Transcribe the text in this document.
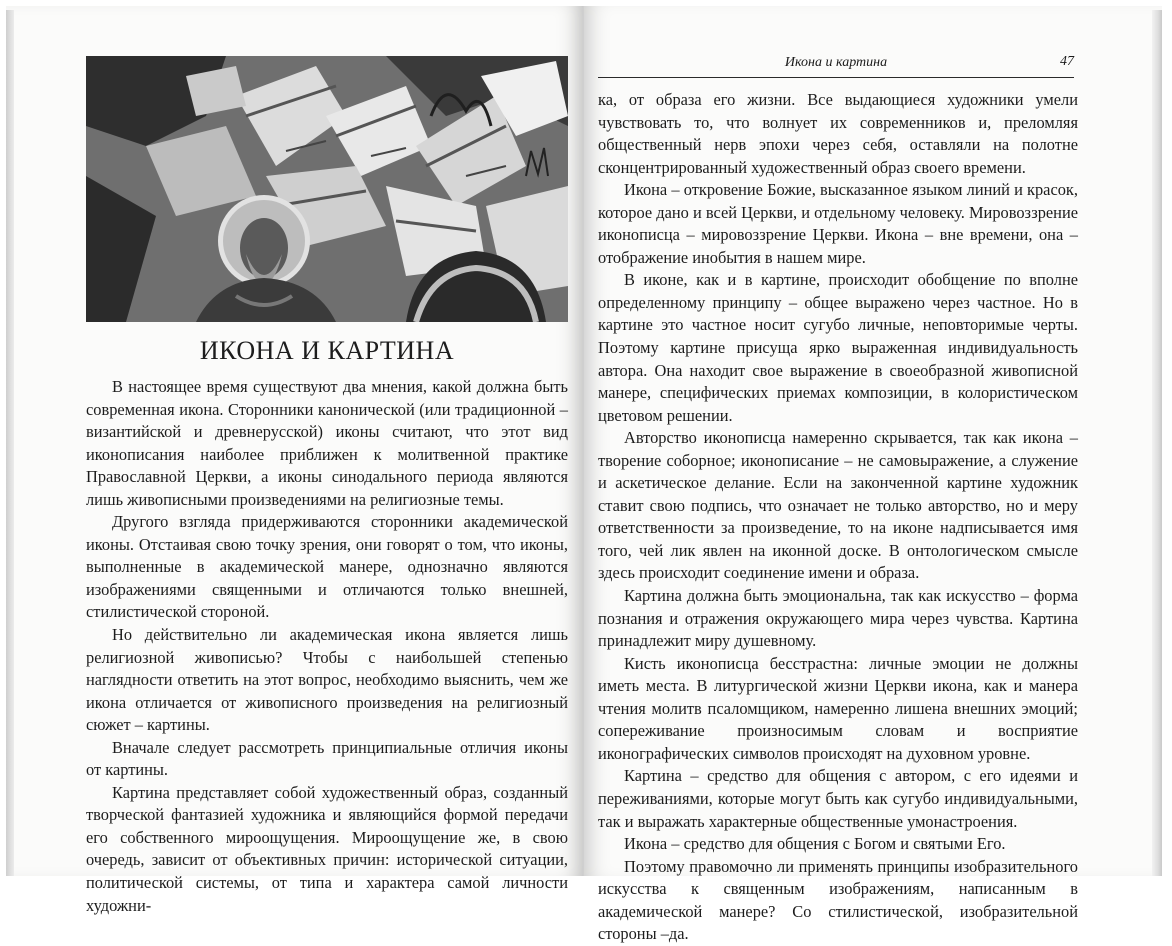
ИКОНА И КАРТИНА

В настоящее время существуют два мнения, какой должна быть современная икона. Сторонники канонической (или традиционной – византийской и древнерусской) иконы считают, что этот вид иконописания наиболее приближен к молитвенной практике Православной Церкви, а иконы синодального периода являются лишь живописными произведениями на религиозные темы.

Другого взгляда придерживаются сторонники академической иконы. Отстаивая свою точку зрения, они говорят о том, что иконы, выполненные в академической манере, однозначно являются изображениями священными и отличаются только внешней, стилистической стороной.

Но действительно ли академическая икона является лишь религиозной живописью? Чтобы с наибольшей степенью наглядности ответить на этот вопрос, необходимо выяснить, чем же икона отличается от живописного произведения на религиозный сюжет – картины.

Вначале следует рассмотреть принципиальные отличия иконы от картины.

Картина представляет собой художественный образ, созданный творческой фантазией художника и являющийся формой передачи его собственного мироощущения. Мироощущение же, в свою очередь, зависит от объективных причин: исторической ситуации, политической системы, от типа и характера самой личности художни-

Икона и картина	47

ка, от образа его жизни. Все выдающиеся художники умели чувствовать то, что волнует их современников и, преломляя общественный нерв эпохи через себя, оставляли на полотне сконцентрированный художественный образ своего времени.

Икона – откровение Божие, высказанное языком линий и красок, которое дано и всей Церкви, и отдельному человеку. Мировоззрение иконописца – мировоззрение Церкви. Икона – вне времени, она – отображение инобытия в нашем мире.

В иконе, как и в картине, происходит обобщение по вполне определенному принципу – общее выражено через частное. Но в картине это частное носит сугубо личные, неповторимые черты. Поэтому картине присуща ярко выраженная индивидуальность автора. Она находит свое выражение в своеобразной живописной манере, специфических приемах композиции, в колористическом цветовом решении.

Авторство иконописца намеренно скрывается, так как икона – творение соборное; иконописание – не самовыражение, а служение и аскетическое делание. Если на законченной картине художник ставит свою подпись, что означает не только авторство, но и меру ответственности за произведение, то на иконе надписывается имя того, чей лик явлен на иконной доске. В онтологическом смысле здесь происходит соединение имени и образа.

Картина должна быть эмоциональна, так как искусство – форма познания и отражения окружающего мира через чувства. Картина принадлежит миру душевному.

Кисть иконописца бесстрастна: личные эмоции не должны иметь места. В литургической жизни Церкви икона, как и манера чтения молитв псаломщиком, намеренно лишена внешних эмоций; сопереживание произносимым словам и восприятие иконографических символов происходят на духовном уровне.

Картина – средство для общения с автором, с его идеями и переживаниями, которые могут быть как сугубо индивидуальными, так и выражать характерные общественные умонастроения.

Икона – средство для общения с Богом и святыми Его.

Поэтому правомочно ли применять принципы изобразительного искусства к священным изображениям, написанным в академической манере? Со стилистической, изобразительной стороны –да.
